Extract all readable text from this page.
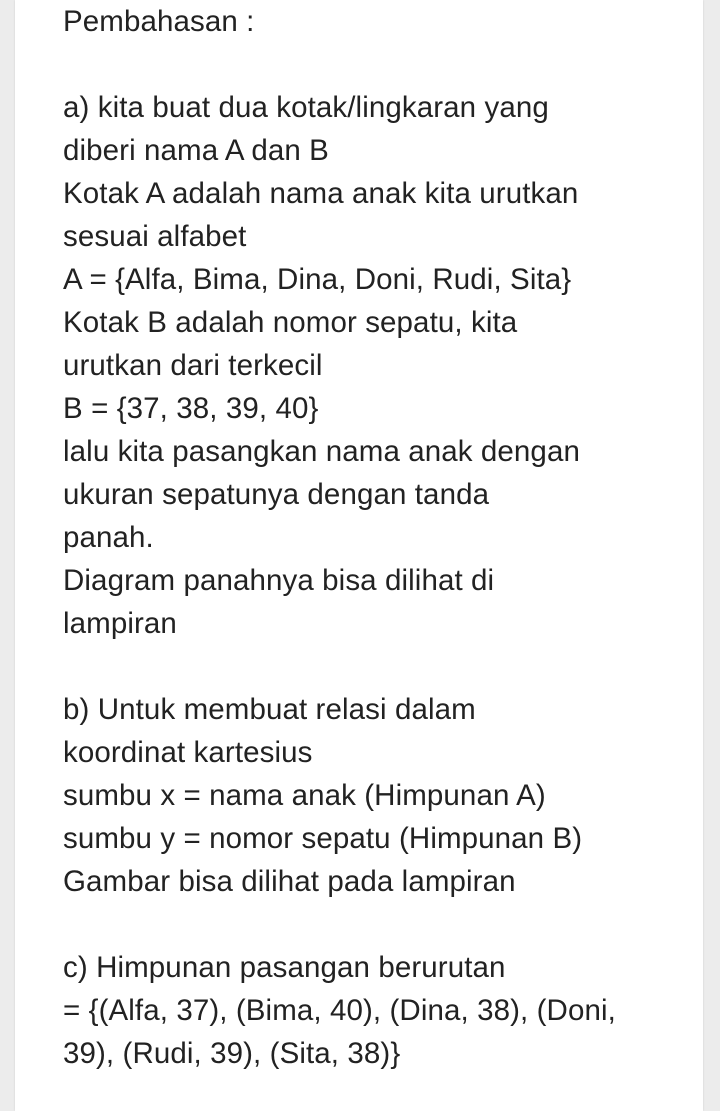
Pembahasan :
a) kita buat dua kotak/lingkaran yang
diberi nama A dan B
Kotak A adalah nama anak kita urutkan
sesuai alfabet
A = {Alfa, Bima, Dina, Doni, Rudi, Sita}
Kotak B adalah nomor sepatu, kita
urutkan dari terkecil
B = {37, 38, 39, 40}
lalu kita pasangkan nama anak dengan
ukuran sepatunya dengan tanda
panah.
Diagram panahnya bisa dilihat di
lampiran
b) Untuk membuat relasi dalam
koordinat kartesius
sumbu x = nama anak (Himpunan A)
sumbu y = nomor sepatu (Himpunan B)
Gambar bisa dilihat pada lampiran
c) Himpunan pasangan berurutan
= {(Alfa, 37), (Bima, 40), (Dina, 38), (Doni,
39), (Rudi, 39), (Sita, 38)}
